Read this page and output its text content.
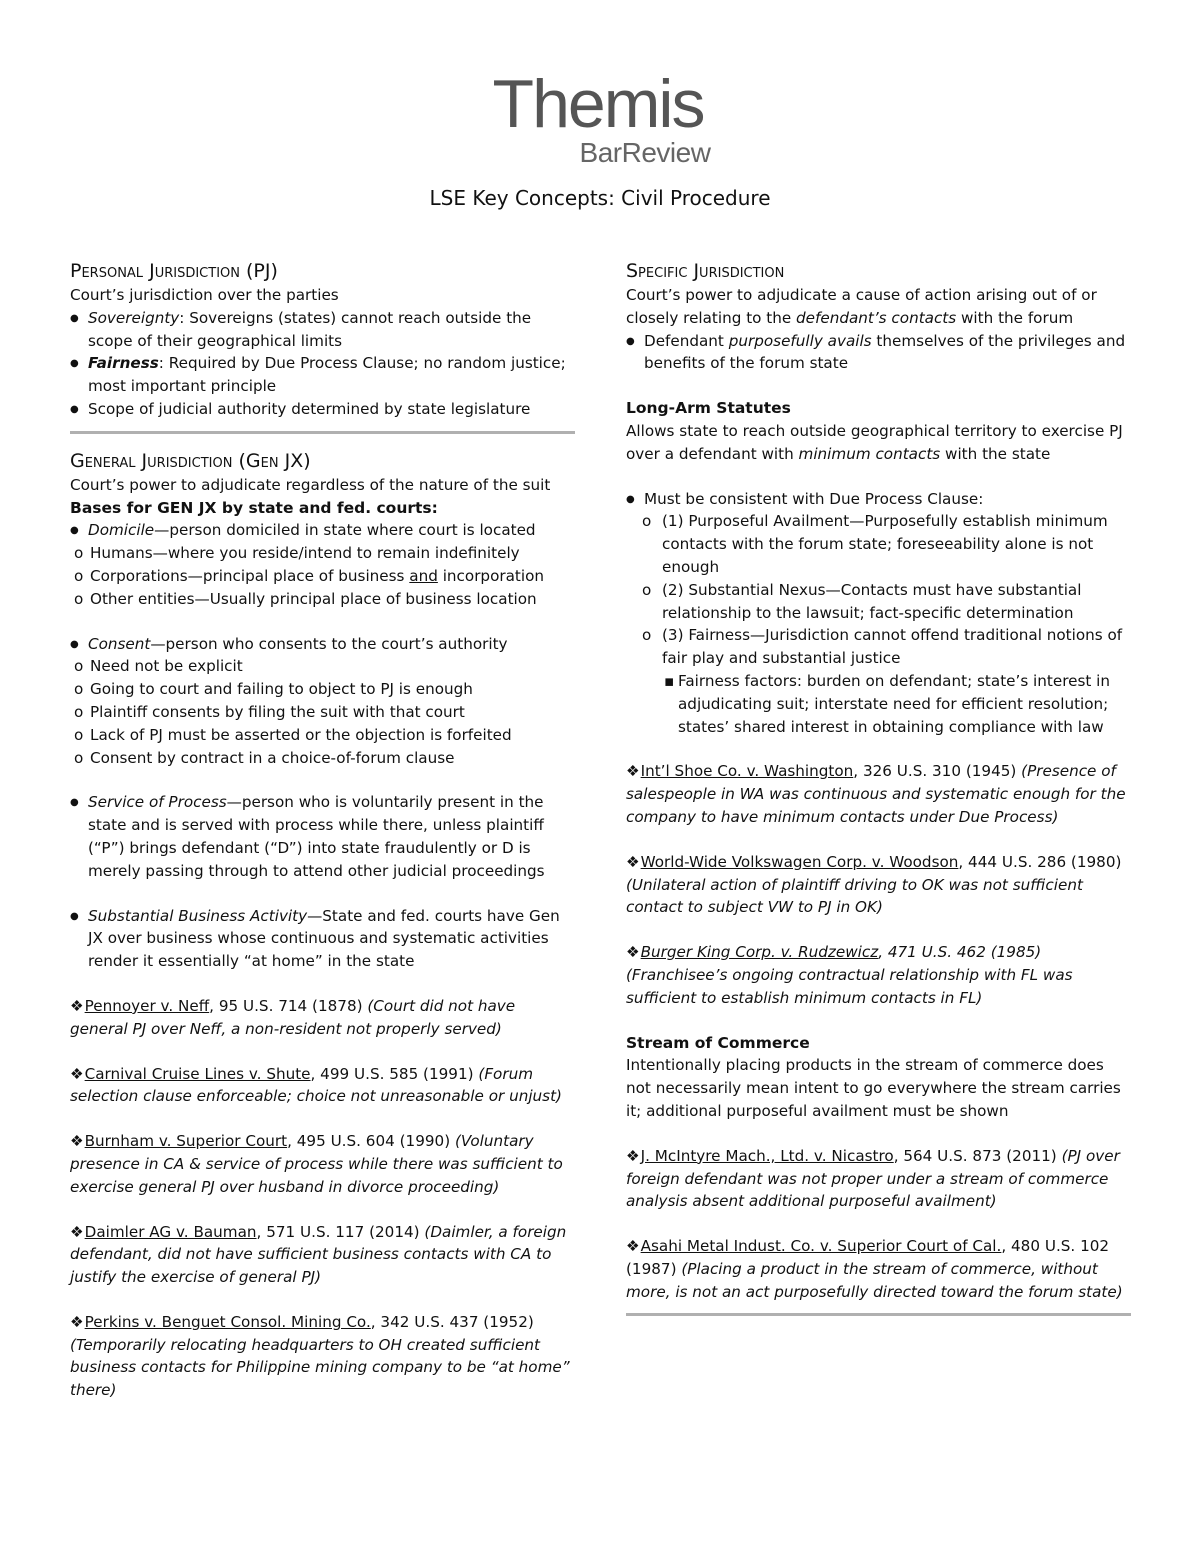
Themis
BarReview
LSE Key Concepts: Civil Procedure

Personal Jurisdiction (PJ)

Court’s jurisdiction over the parties

● Sovereignty: Sovereigns (states) cannot reach outside the scope of their geographical limits
● Fairness: Required by Due Process Clause; no random justice; most important principle
● Scope of judicial authority determined by state legislature

General Jurisdiction (Gen JX)

Court’s power to adjudicate regardless of the nature of the suit

Bases for GEN JX by state and fed. courts:

● Domicile—person domiciled in state where court is located
o Humans—where you reside/intend to remain indefinitely
o Corporations—principal place of business and incorporation
o Other entities—Usually principal place of business location
● Consent—person who consents to the court’s authority
o Need not be explicit
o Going to court and failing to object to PJ is enough
o Plaintiff consents by filing the suit with that court
o Lack of PJ must be asserted or the objection is forfeited
o Consent by contract in a choice-of-forum clause
● Service of Process—person who is voluntarily present in the state and is served with process while there, unless plaintiff (“P”) brings defendant (“D”) into state fraudulently or D is merely passing through to attend other judicial proceedings
● Substantial Business Activity—State and fed. courts have Gen JX over business whose continuous and systematic activities render it essentially “at home” in the state

❖Pennoyer v. Neff, 95 U.S. 714 (1878) (Court did not have general PJ over Neff, a non-resident not properly served)

❖Carnival Cruise Lines v. Shute, 499 U.S. 585 (1991) (Forum selection clause enforceable; choice not unreasonable or unjust)

❖Burnham v. Superior Court, 495 U.S. 604 (1990) (Voluntary presence in CA & service of process while there was sufficient to exercise general PJ over husband in divorce proceeding)

❖Daimler AG v. Bauman, 571 U.S. 117 (2014) (Daimler, a foreign defendant, did not have sufficient business contacts with CA to justify the exercise of general PJ)

❖Perkins v. Benguet Consol. Mining Co., 342 U.S. 437 (1952) (Temporarily relocating headquarters to OH created sufficient business contacts for Philippine mining company to be “at home” there)

Specific Jurisdiction

Court’s power to adjudicate a cause of action arising out of or closely relating to the defendant’s contacts with the forum

● Defendant purposefully avails themselves of the privileges and benefits of the forum state

Long-Arm Statutes

Allows state to reach outside geographical territory to exercise PJ over a defendant with minimum contacts with the state

● Must be consistent with Due Process Clause:
o (1) Purposeful Availment—Purposefully establish minimum contacts with the forum state; foreseeability alone is not enough
o (2) Substantial Nexus—Contacts must have substantial relationship to the lawsuit; fact-specific determination
o (3) Fairness—Jurisdiction cannot offend traditional notions of fair play and substantial justice
▪ Fairness factors: burden on defendant; state’s interest in adjudicating suit; interstate need for efficient resolution; states’ shared interest in obtaining compliance with law

❖Int’l Shoe Co. v. Washington, 326 U.S. 310 (1945) (Presence of salespeople in WA was continuous and systematic enough for the company to have minimum contacts under Due Process)

❖World-Wide Volkswagen Corp. v. Woodson, 444 U.S. 286 (1980) (Unilateral action of plaintiff driving to OK was not sufficient contact to subject VW to PJ in OK)

❖Burger King Corp. v. Rudzewicz, 471 U.S. 462 (1985) (Franchisee’s ongoing contractual relationship with FL was sufficient to establish minimum contacts in FL)

Stream of Commerce

Intentionally placing products in the stream of commerce does not necessarily mean intent to go everywhere the stream carries it; additional purposeful availment must be shown

❖J. McIntyre Mach., Ltd. v. Nicastro, 564 U.S. 873 (2011) (PJ over foreign defendant was not proper under a stream of commerce analysis absent additional purposeful availment)

❖Asahi Metal Indust. Co. v. Superior Court of Cal., 480 U.S. 102 (1987) (Placing a product in the stream of commerce, without more, is not an act purposefully directed toward the forum state)
